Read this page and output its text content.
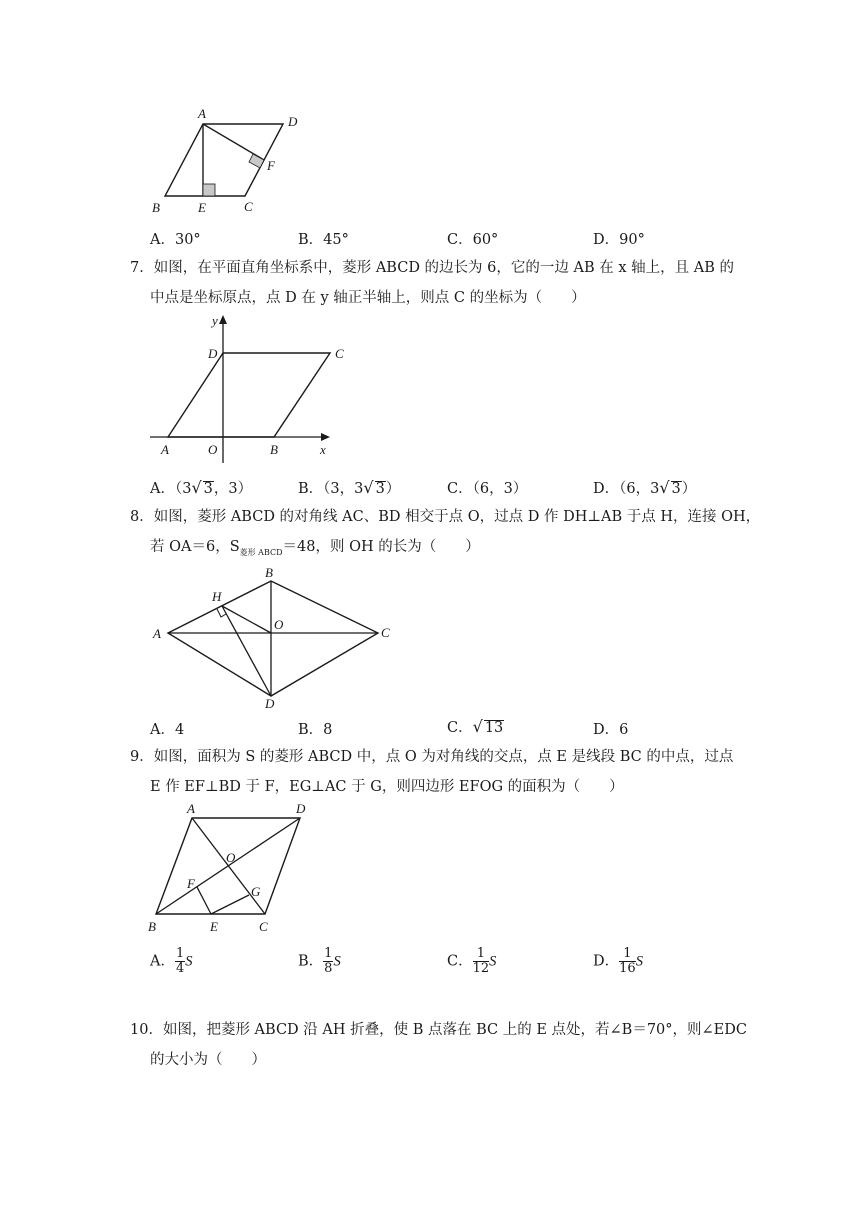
A
D
F
B	E	C
A．30°	B．45°	C．60°	D．90°
7．如图，在平面直角坐标系中，菱形 ABCD 的边长为 6，它的一边 AB 在 x 轴上，且 AB 的
中点是坐标原点，点 D 在 y 轴正半轴上，则点 C 的坐标为（　　）
y
D	C
A	O	B	x
A．（3√ 3，3）	B．（3，3√ 3）	C．（6，3）	D．（6，3√ 3）
8．如图，菱形 ABCD 的对角线 AC、BD 相交于点 O，过点 D 作 DH⊥AB 于点 H，连接 OH，
若 OA＝6，$S_{菱形 ABCD}=48$，则 OH 的长为（　　）
B
H
A
O
C
D
A．4	B．8	C．√ 13	D．6
9．如图，面积为 S 的菱形 ABCD 中，点 O 为对角线的交点，点 E 是线段 BC 的中点，过点
E 作 EF⊥BD 于 F，EG⊥AC 于 G，则四边形 EFOG 的面积为（　　）
A	D
O
F
G
B	E	C
A． $\frac{1}{4}$ S	B． $\frac{1}{8}$ S	C． $\frac{1}{12}$ S	D． $\frac{1}{16}$ S
10．如图，把菱形 ABCD 沿 AH 折叠，使 B 点落在 BC 上的 E 点处，若∠B＝70°，则∠EDC
的大小为（　　）
